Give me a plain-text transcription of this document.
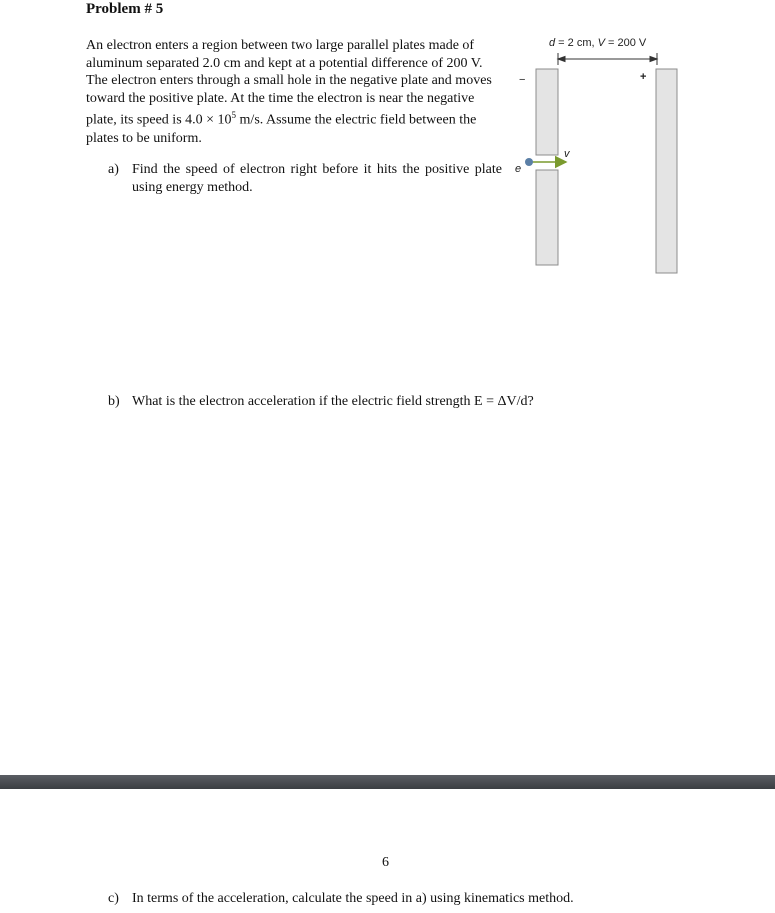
Problem # 5
An electron enters a region between two large parallel plates made of aluminum separated 2.0 cm and kept at a potential difference of 200 V. The electron enters through a small hole in the negative plate and moves toward the positive plate. At the time the electron is near the negative plate, its speed is $4.0 \times 10^5$ m/s. Assume the electric field between the plates to be uniform.
a) Find the speed of electron right before it hits the positive plate using energy method.
b) What is the electron acceleration if the electric field strength E = ΔV/d?
d = 2 cm, V = 200 V
−	+
e
v
6
c) In terms of the acceleration, calculate the speed in a) using kinematics method.
